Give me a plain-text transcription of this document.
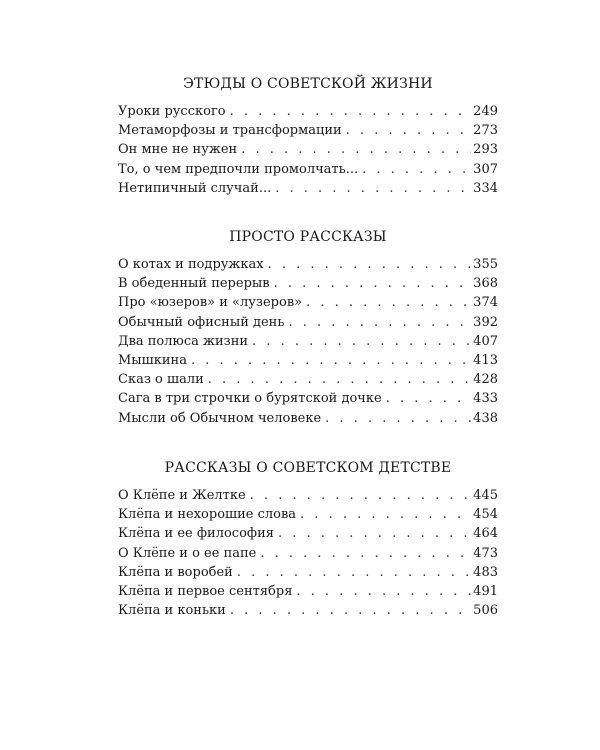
ЭТЮДЫ О СОВЕТСКОЙ ЖИЗНИ
Уроки русского . . .	249
Метаморфозы и трансформации . . .	273
Он мне не нужен . . .	293
То, о чем предпочли промолчать... . . .	307
Нетипичный случай... . . .	334
ПРОСТО РАССКАЗЫ
О котах и подружках . . .	355
В обеденный перерыв . . .	368
Про «юзеров» и «лузеров» . . .	374
Обычный офисный день . . .	392
Два полюса жизни . . .	407
Мышкина . . .	413
Сказ о шали . . .	428
Сага в три строчки о бурятской дочке . . .	433
Мысли об Обычном человеке . . .	438
РАССКАЗЫ О СОВЕТСКОМ ДЕТСТВЕ
О Клёпе и Желтке . . .	445
Клёпа и нехорошие слова . . .	454
Клёпа и ее философия . . .	464
О Клёпе и о ее папе . . .	473
Клёпа и воробей . . .	483
Клёпа и первое сентября . . .	491
Клёпа и коньки . . .	506
